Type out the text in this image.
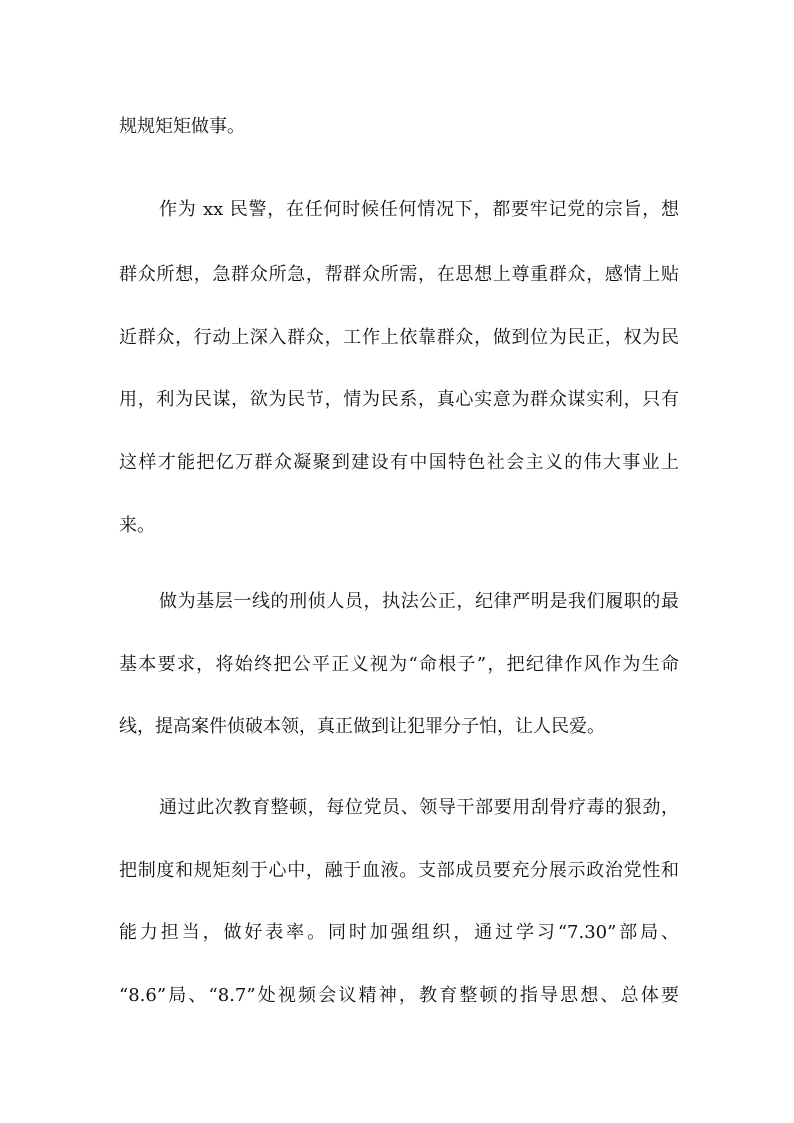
规规矩矩做事。
作为 xx 民警，在任何时候任何情况下，都要牢记党的宗旨，想
群众所想，急群众所急，帮群众所需，在思想上尊重群众，感情上贴
近群众，行动上深入群众，工作上依靠群众，做到位为民正，权为民
用，利为民谋，欲为民节，情为民系，真心实意为群众谋实利，只有
这样才能把亿万群众凝聚到建设有中国特色社会主义的伟大事业上
来。
做为基层一线的刑侦人员，执法公正，纪律严明是我们履职的最
基本要求，将始终把公平正义视为“命根子”，把纪律作风作为生命
线，提高案件侦破本领，真正做到让犯罪分子怕，让人民爱。
通过此次教育整顿，每位党员、领导干部要用刮骨疗毒的狠劲，
把制度和规矩刻于心中，融于血液。支部成员要充分展示政治党性和
能力担当，做好表率。同时加强组织，通过学习“7.30”部局、
“8.6”局、“8.7”处视频会议精神，教育整顿的指导思想、总体要
